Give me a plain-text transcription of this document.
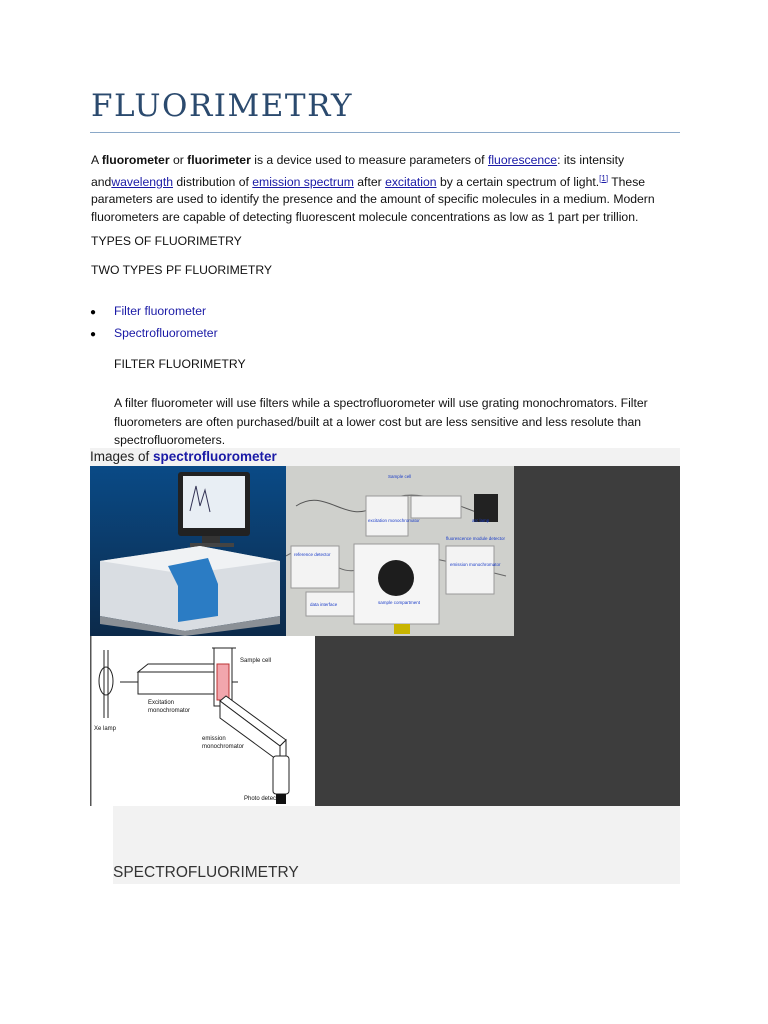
FLUORIMETRY

A fluorometer or fluorimeter is a device used to measure parameters of fluorescence: its intensity andwavelength distribution of emission spectrum after excitation by a certain spectrum of light.[1] These parameters are used to identify the presence and the amount of specific molecules in a medium. Modern fluorometers are capable of detecting fluorescent molecule concentrations as low as 1 part per trillion.

TYPES OF FLUORIMETRY

TWO TYPES PF FLUORIMETRY

● Filter fluorometer
● Spectrofluorometer

FILTER FLUORIMETRY

A filter fluorometer will use filters while a spectrofluorometer will use grating monochromators. Filter fluorometers are often purchased/built at a lower cost but are less sensitive and less resolute than spectrofluorometers.

Images of spectrofluorometer
Sample cell
excitation monochromator	arc lamp
fluorescence module detector
reference detector
emission monochromator
sample compartment
data interface
Sample cell
Excitation
monochromator
Xe lamp
emission
monochromator
Photo detector

SPECTROFLUORIMETRY
